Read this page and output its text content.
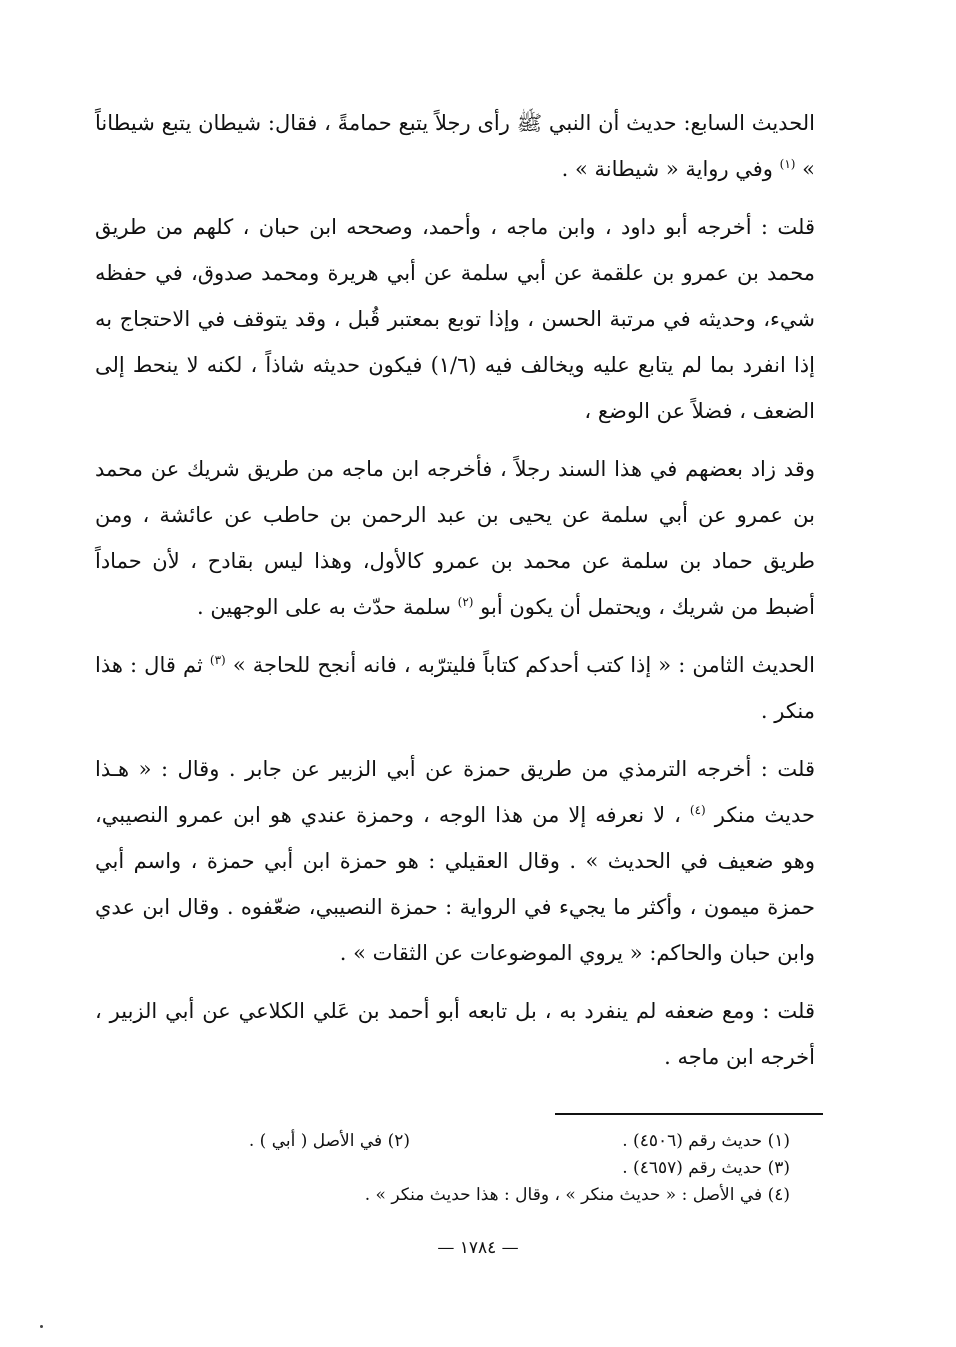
الحديث السابع: حديث أن النبي ﷺ رأى رجلاً يتبع حمامةً ، فقال: شيطان يتبع شيطاناً » $^{(١)}$ وفي رواية « شيطانة » .

قلت : أخرجه أبو داود ، وابن ماجه ، وأحمد، وصححه ابن حبان ، كلهم من طريق محمد بن عمرو بن علقمة عن أبي سلمة عن أبي هريرة ومحمد صدوق، في حفظه شيء، وحديثه في مرتبة الحسن ، وإذا توبع بمعتبر قُبل ، وقد يتوقف في الاحتجاج به إذا انفرد بما لم يتابع عليه ويخالف فيه (١/٦) فيكون حديثه شاذاً ، لكنه لا ينحط إلى الضعف ، فضلاً عن الوضع ،

وقد زاد بعضهم في هذا السند رجلاً ، فأخرجه ابن ماجه من طريق شريك عن محمد بن عمرو عن أبي سلمة عن يحيى بن عبد الرحمن بن حاطب عن عائشة ، ومن طريق حماد بن سلمة عن محمد بن عمرو كالأول، وهذا ليس بقادح ، لأن حماداً أضبط من شريك ، ويحتمل أن يكون أبو $^{(٢)}$ سلمة حدّث به على الوجهين .

الحديث الثامن : « إذا كتب أحدكم كتاباً فليترّبه ، فانه أنجح للحاجة » $^{(٣)}$ ثم قال : هذا منكر .

قلت : أخرجه الترمذي من طريق حمزة عن أبي الزبير عن جابر . وقال : « هـذا حديث منكر $^{(٤)}$ ، لا نعرفه إلا من هذا الوجه ، وحمزة عندي هو ابن عمرو النصيبي، وهو ضعيف في الحديث » . وقال العقيلي : هو حمزة ابن أبي حمزة ، واسم أبي حمزة ميمون ، وأكثر ما يجيء في الرواية : حمزة النصيبي، ضعّفوه . وقال ابن عدي وابن حبان والحاكم: « يروي الموضوعات عن الثقات » .

قلت : ومع ضعفه لم ينفرد به ، بل تابعه أبو أحمد بن عَلي الكلاعي عن أبي الزبير ، أخرجه ابن ماجه .

(١) حديث رقم (٤٥٠٦) .
(٢) في الأصل ( أبي ) .
(٣) حديث رقم (٤٦٥٧) .
(٤) في الأصل : « حديث منكر » ، وقال : هذا حديث منكر » .
— ١٧٨٤ —
